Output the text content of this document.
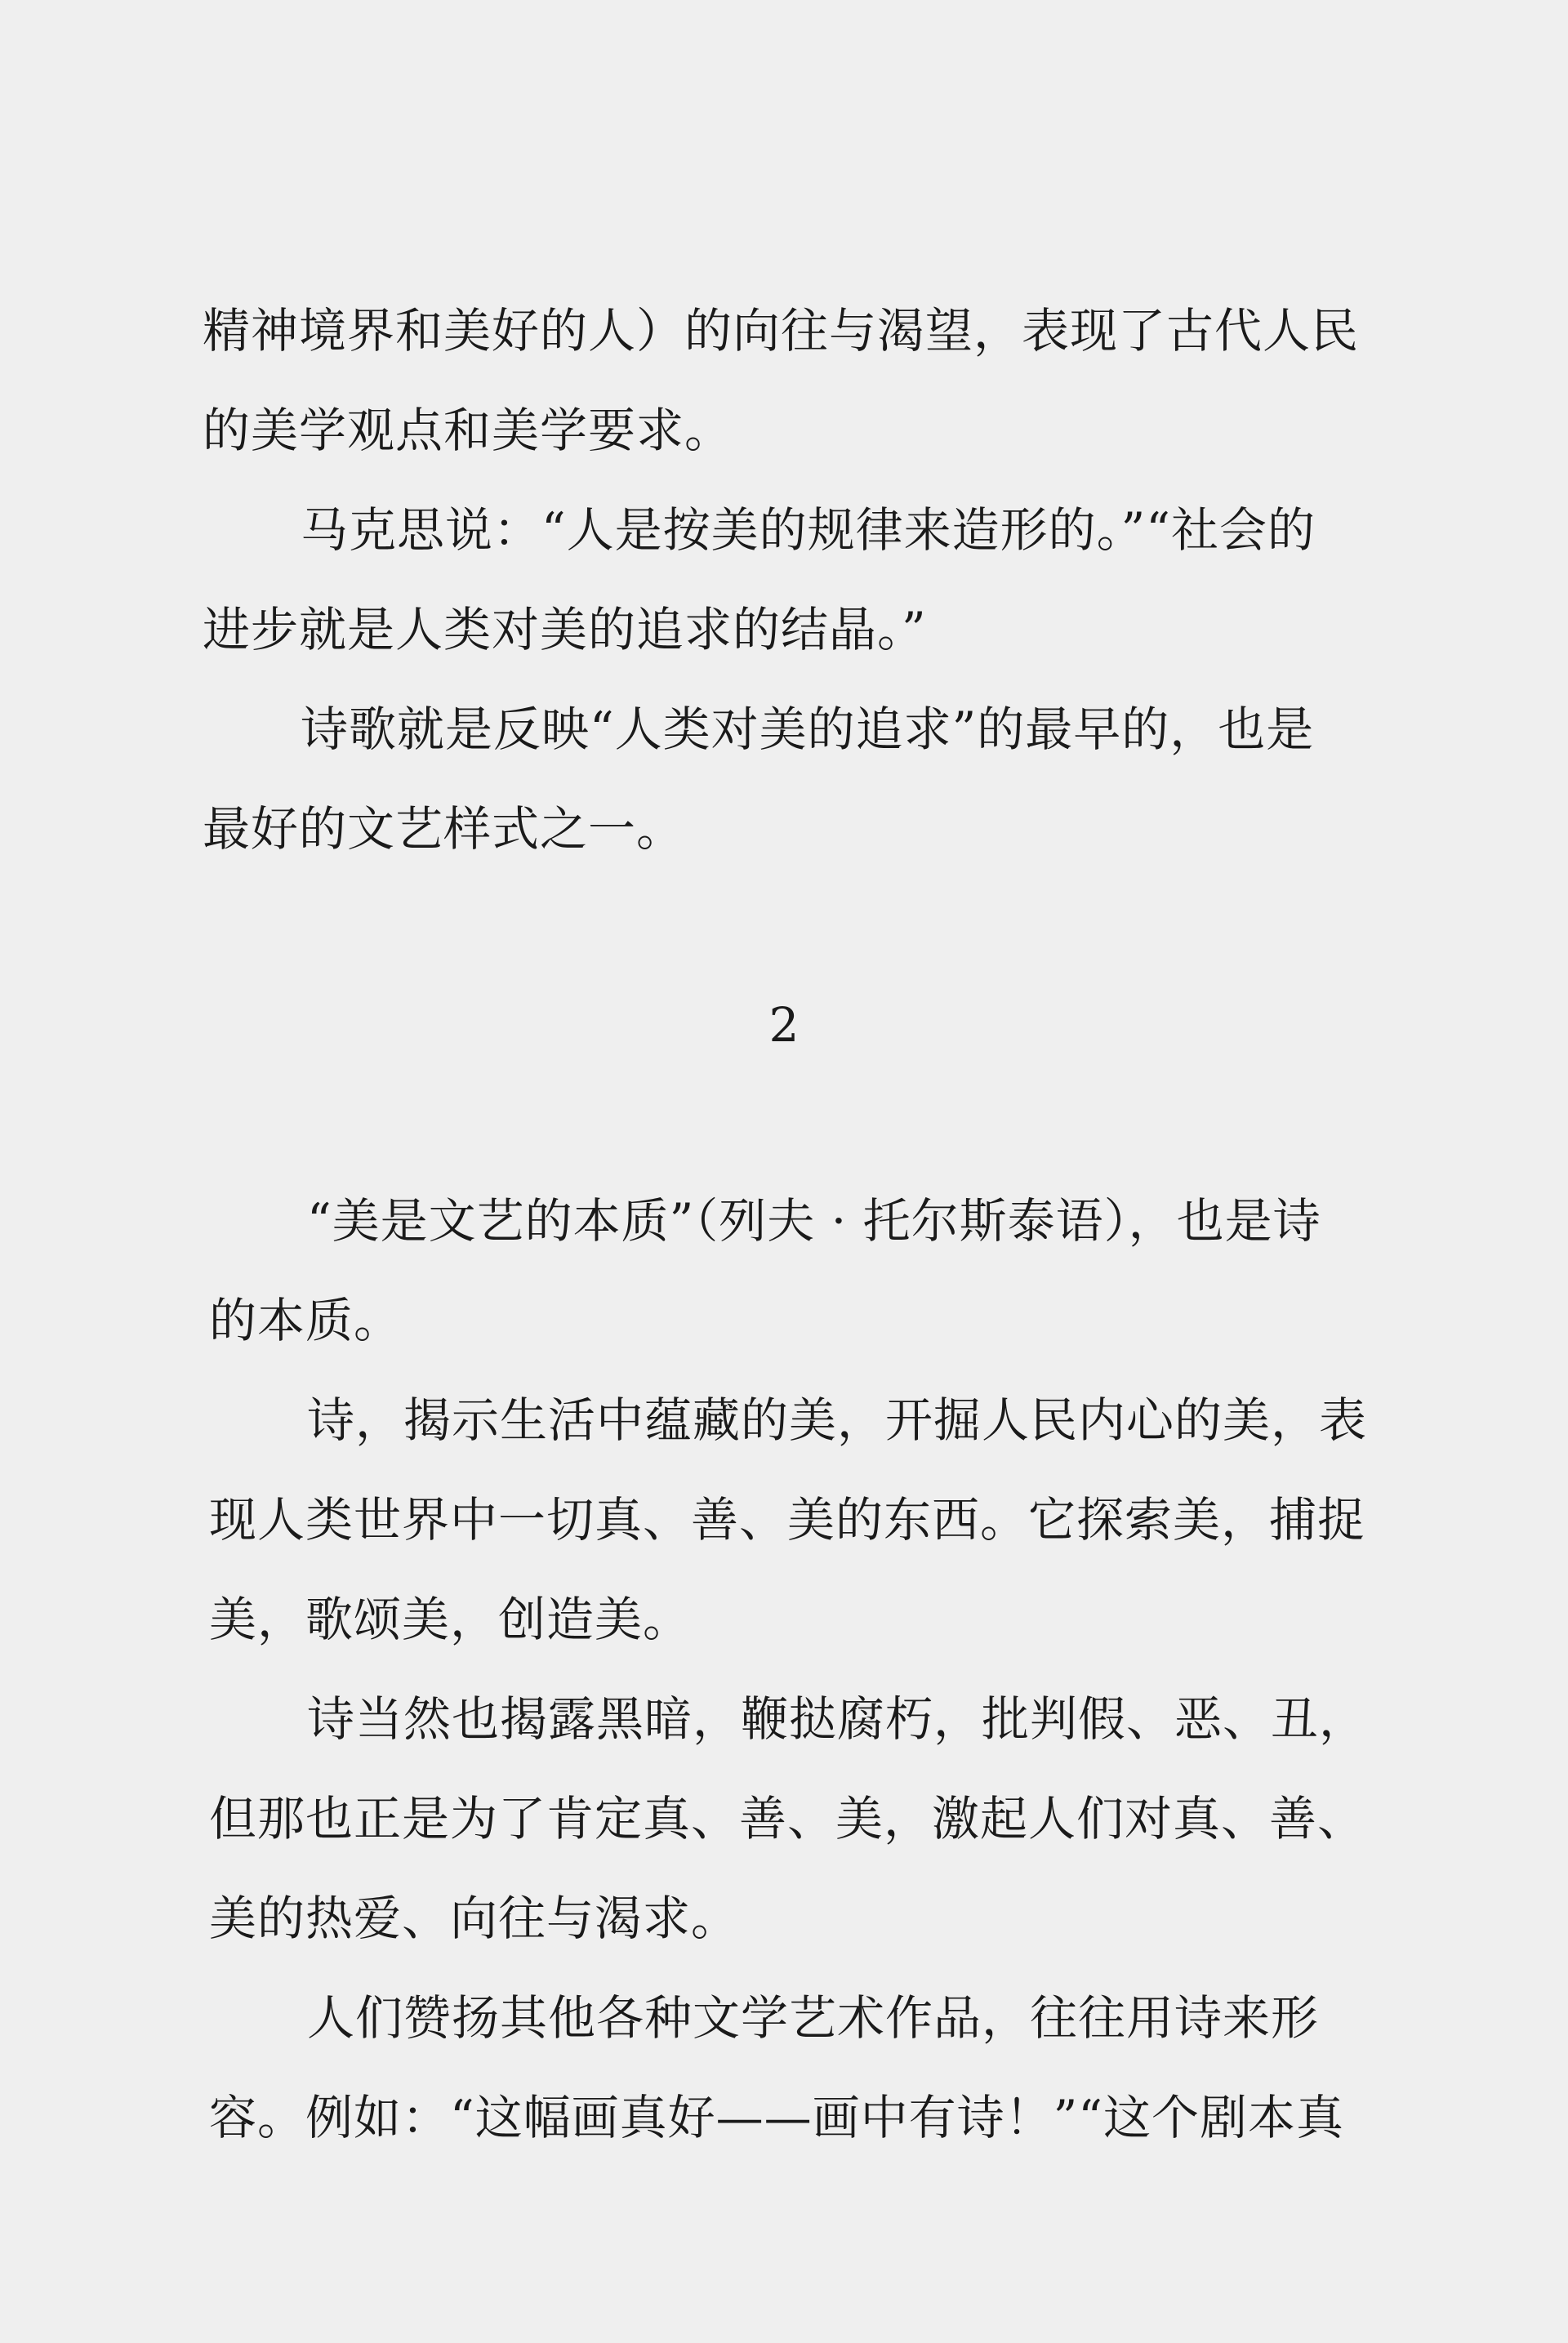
精神境界和美好的人）的向往与渴望，表现了古代人民
的美学观点和美学要求。
马克思说：“人是按美的规律来造形的。”“社会的
进步就是人类对美的追求的结晶。”
诗歌就是反映“人类对美的追求”的最早的，也是
最好的文艺样式之一。
2
“美是文艺的本质”（列夫 · 托尔斯泰语），也是诗
的本质。
诗，揭示生活中蕴藏的美，开掘人民内心的美，表
现人类世界中一切真、善、美的东西。它探索美，捕捉
美，歌颂美，创造美。
诗当然也揭露黑暗，鞭挞腐朽，批判假、恶、丑，
但那也正是为了肯定真、善、美，激起人们对真、善、
美的热爱、向往与渴求。
人们赞扬其他各种文学艺术作品，往往用诗来形
容。例如：“这幅画真好——画中有诗！”“这个剧本真
